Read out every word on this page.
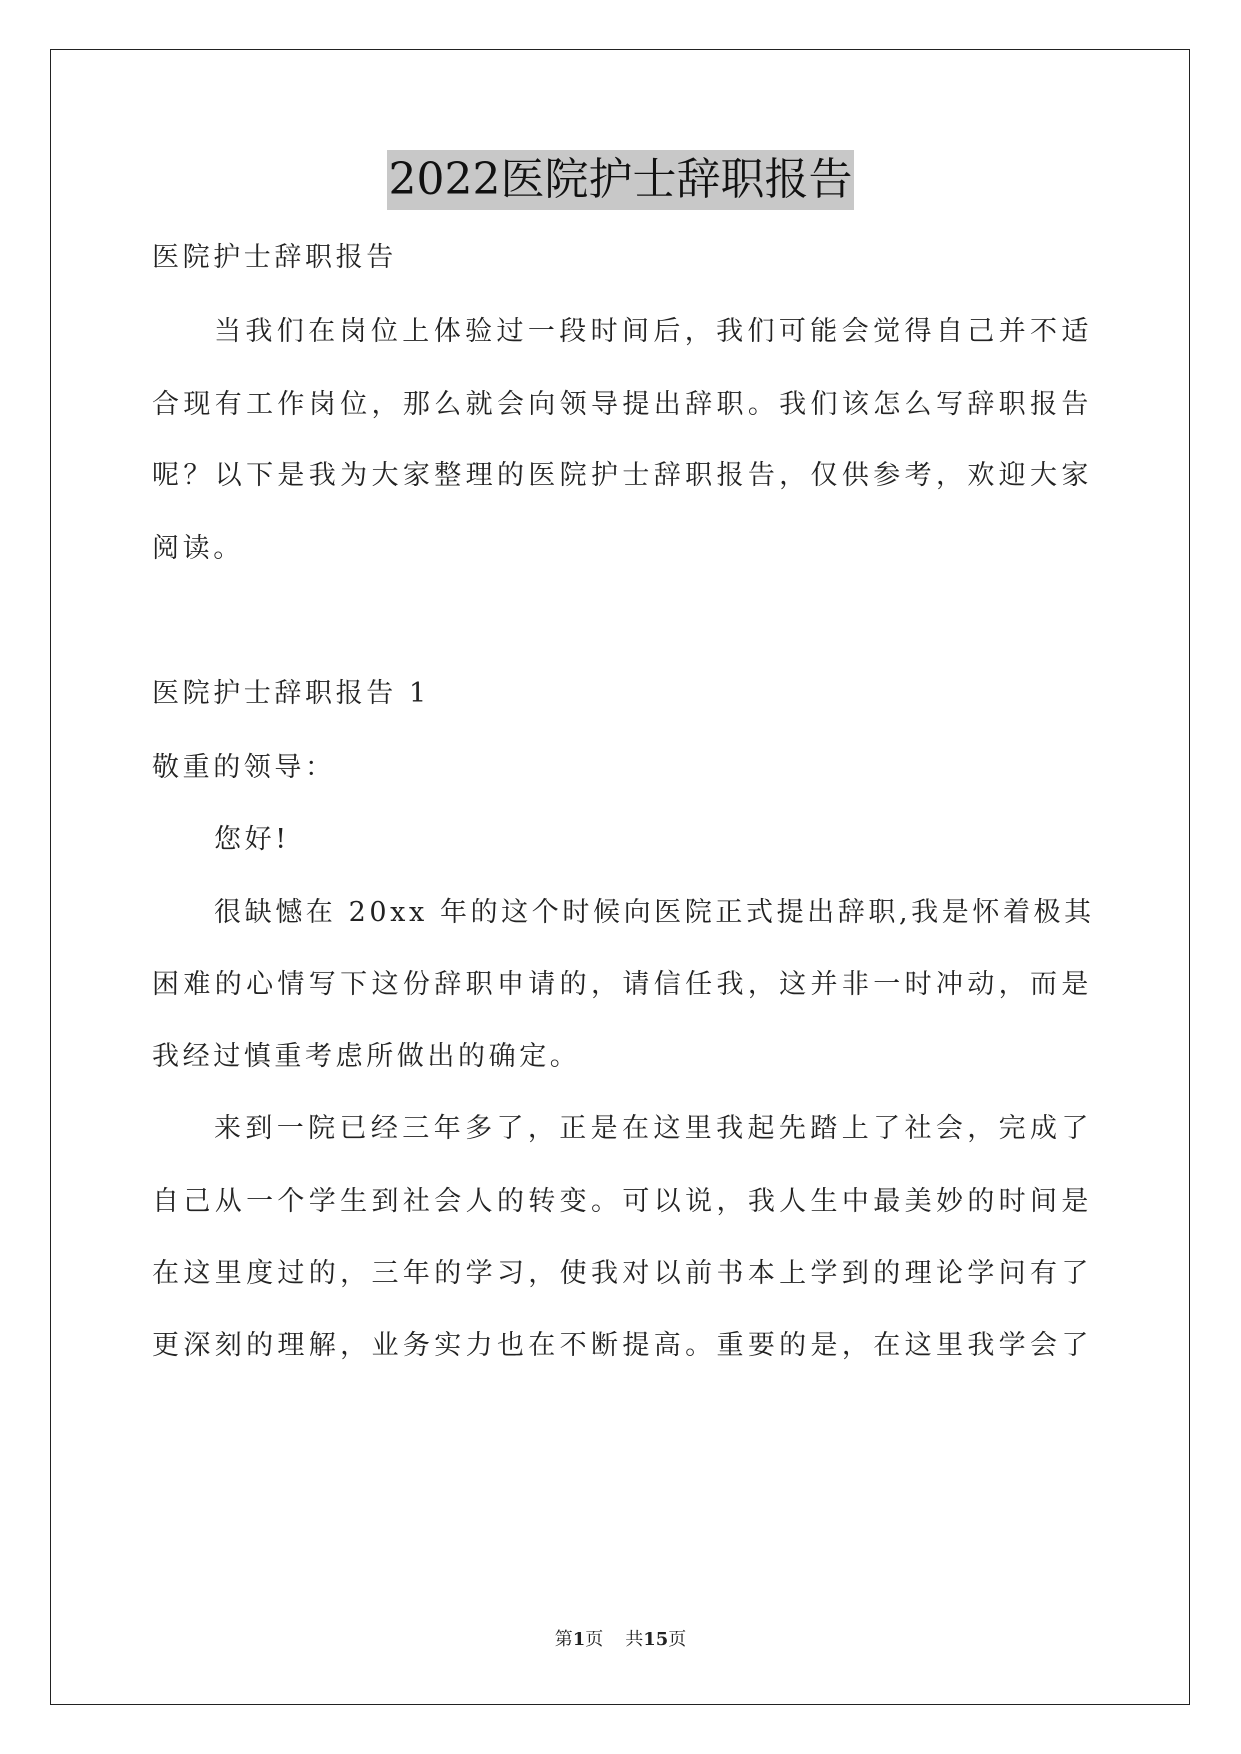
2022医院护士辞职报告
医院护士辞职报告
当我们在岗位上体验过一段时间后，我们可能会觉得自己并不适
合现有工作岗位，那么就会向领导提出辞职。我们该怎么写辞职报告
呢？以下是我为大家整理的医院护士辞职报告，仅供参考，欢迎大家
阅读。
医院护士辞职报告 1
敬重的领导：
您好!
很缺憾在 20xx 年的这个时候向医院正式提出辞职,我是怀着极其
困难的心情写下这份辞职申请的，请信任我，这并非一时冲动，而是
我经过慎重考虑所做出的确定。
来到一院已经三年多了，正是在这里我起先踏上了社会，完成了
自己从一个学生到社会人的转变。可以说，我人生中最美妙的时间是
在这里度过的，三年的学习，使我对以前书本上学到的理论学问有了
更深刻的理解，业务实力也在不断提高。重要的是，在这里我学会了
第1页 共15页
